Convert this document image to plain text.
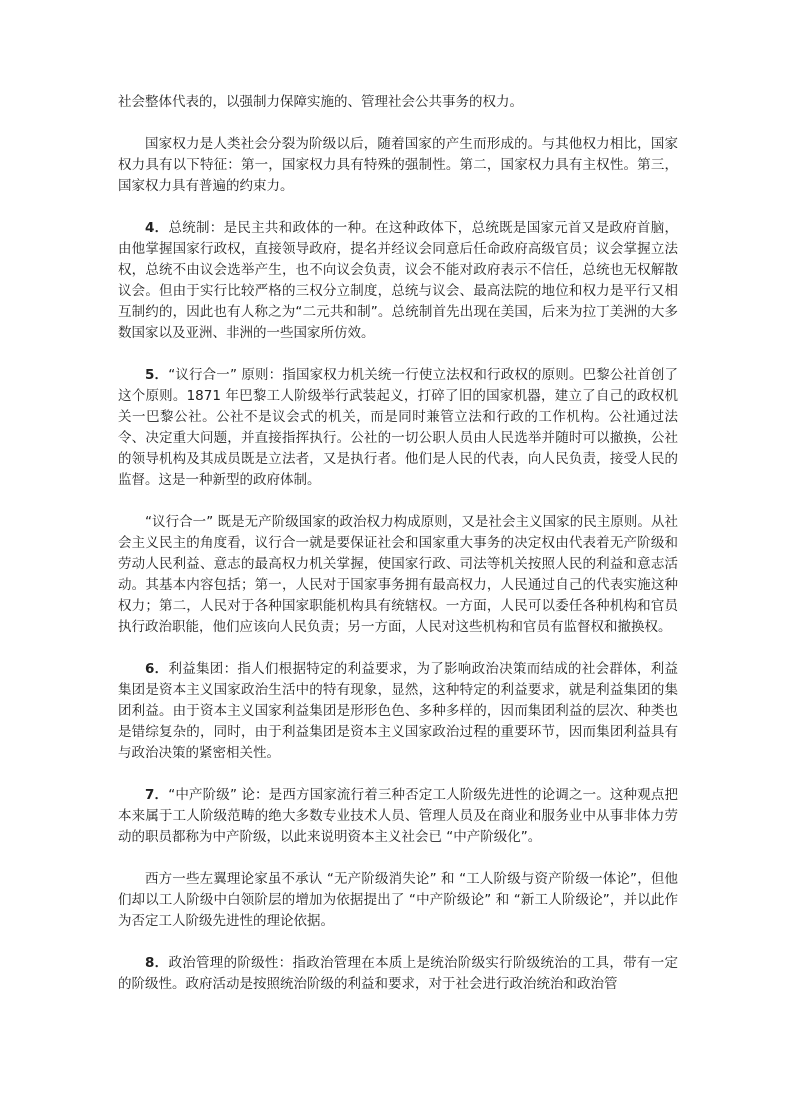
社会整体代表的，以强制力保障实施的、管理社会公共事务的权力。

国家权力是人类社会分裂为阶级以后，随着国家的产生而形成的。与其他权力相比，国家权力具有以下特征：第一，国家权力具有特殊的强制性。第二，国家权力具有主权性。第三，国家权力具有普遍的约束力。

4．总统制：是民主共和政体的一种。在这种政体下，总统既是国家元首又是政府首脑，由他掌握国家行政权，直接领导政府，提名并经议会同意后任命政府高级官员；议会掌握立法权，总统不由议会选举产生，也不向议会负责，议会不能对政府表示不信任，总统也无权解散议会。但由于实行比较严格的三权分立制度，总统与议会、最高法院的地位和权力是平行又相互制约的，因此也有人称之为“二元共和制”。总统制首先出现在美国，后来为拉丁美洲的大多数国家以及亚洲、非洲的一些国家所仿效。

5．“议行合一” 原则：指国家权力机关统一行使立法权和行政权的原则。巴黎公社首创了这个原则。1871 年巴黎工人阶级举行武装起义，打碎了旧的国家机器，建立了自己的政权机关一巴黎公社。公社不是议会式的机关，而是同时兼管立法和行政的工作机构。公社通过法令、决定重大问题，并直接指挥执行。公社的一切公职人员由人民选举并随时可以撤换，公社的领导机构及其成员既是立法者，又是执行者。他们是人民的代表，向人民负责，接受人民的监督。这是一种新型的政府体制。

“议行合一” 既是无产阶级国家的政治权力构成原则，又是社会主义国家的民主原则。从社会主义民主的角度看，议行合一就是要保证社会和国家重大事务的决定权由代表着无产阶级和劳动人民利益、意志的最高权力机关掌握，使国家行政、司法等机关按照人民的利益和意志活动。其基本内容包括；第一，人民对于国家事务拥有最高权力，人民通过自己的代表实施这种权力；第二，人民对于各种国家职能机构具有统辖权。一方面，人民可以委任各种机构和官员执行政治职能，他们应该向人民负责；另一方面，人民对这些机构和官员有监督权和撤换权。

6．利益集团：指人们根据特定的利益要求，为了影响政治决策而结成的社会群体，利益集团是资本主义国家政治生活中的特有现象，显然，这种特定的利益要求，就是利益集团的集团利益。由于资本主义国家利益集团是形形色色、多种多样的，因而集团利益的层次、种类也是错综复杂的，同时，由于利益集团是资本主义国家政治过程的重要环节，因而集团利益具有与政治决策的紧密相关性。

7．“中产阶级” 论：是西方国家流行着三种否定工人阶级先进性的论调之一。这种观点把本来属于工人阶级范畴的绝大多数专业技术人员、管理人员及在商业和服务业中从事非体力劳动的职员都称为中产阶级，以此来说明资本主义社会已 “中产阶级化”。

西方一些左翼理论家虽不承认 “无产阶级消失论” 和 “工人阶级与资产阶级一体论”，但他们却以工人阶级中白领阶层的增加为依据提出了 “中产阶级论” 和 “新工人阶级论”，并以此作为否定工人阶级先进性的理论依据。

8．政治管理的阶级性：指政治管理在本质上是统治阶级实行阶级统治的工具，带有一定的阶级性。政府活动是按照统治阶级的利益和要求，对于社会进行政治统治和政治管
